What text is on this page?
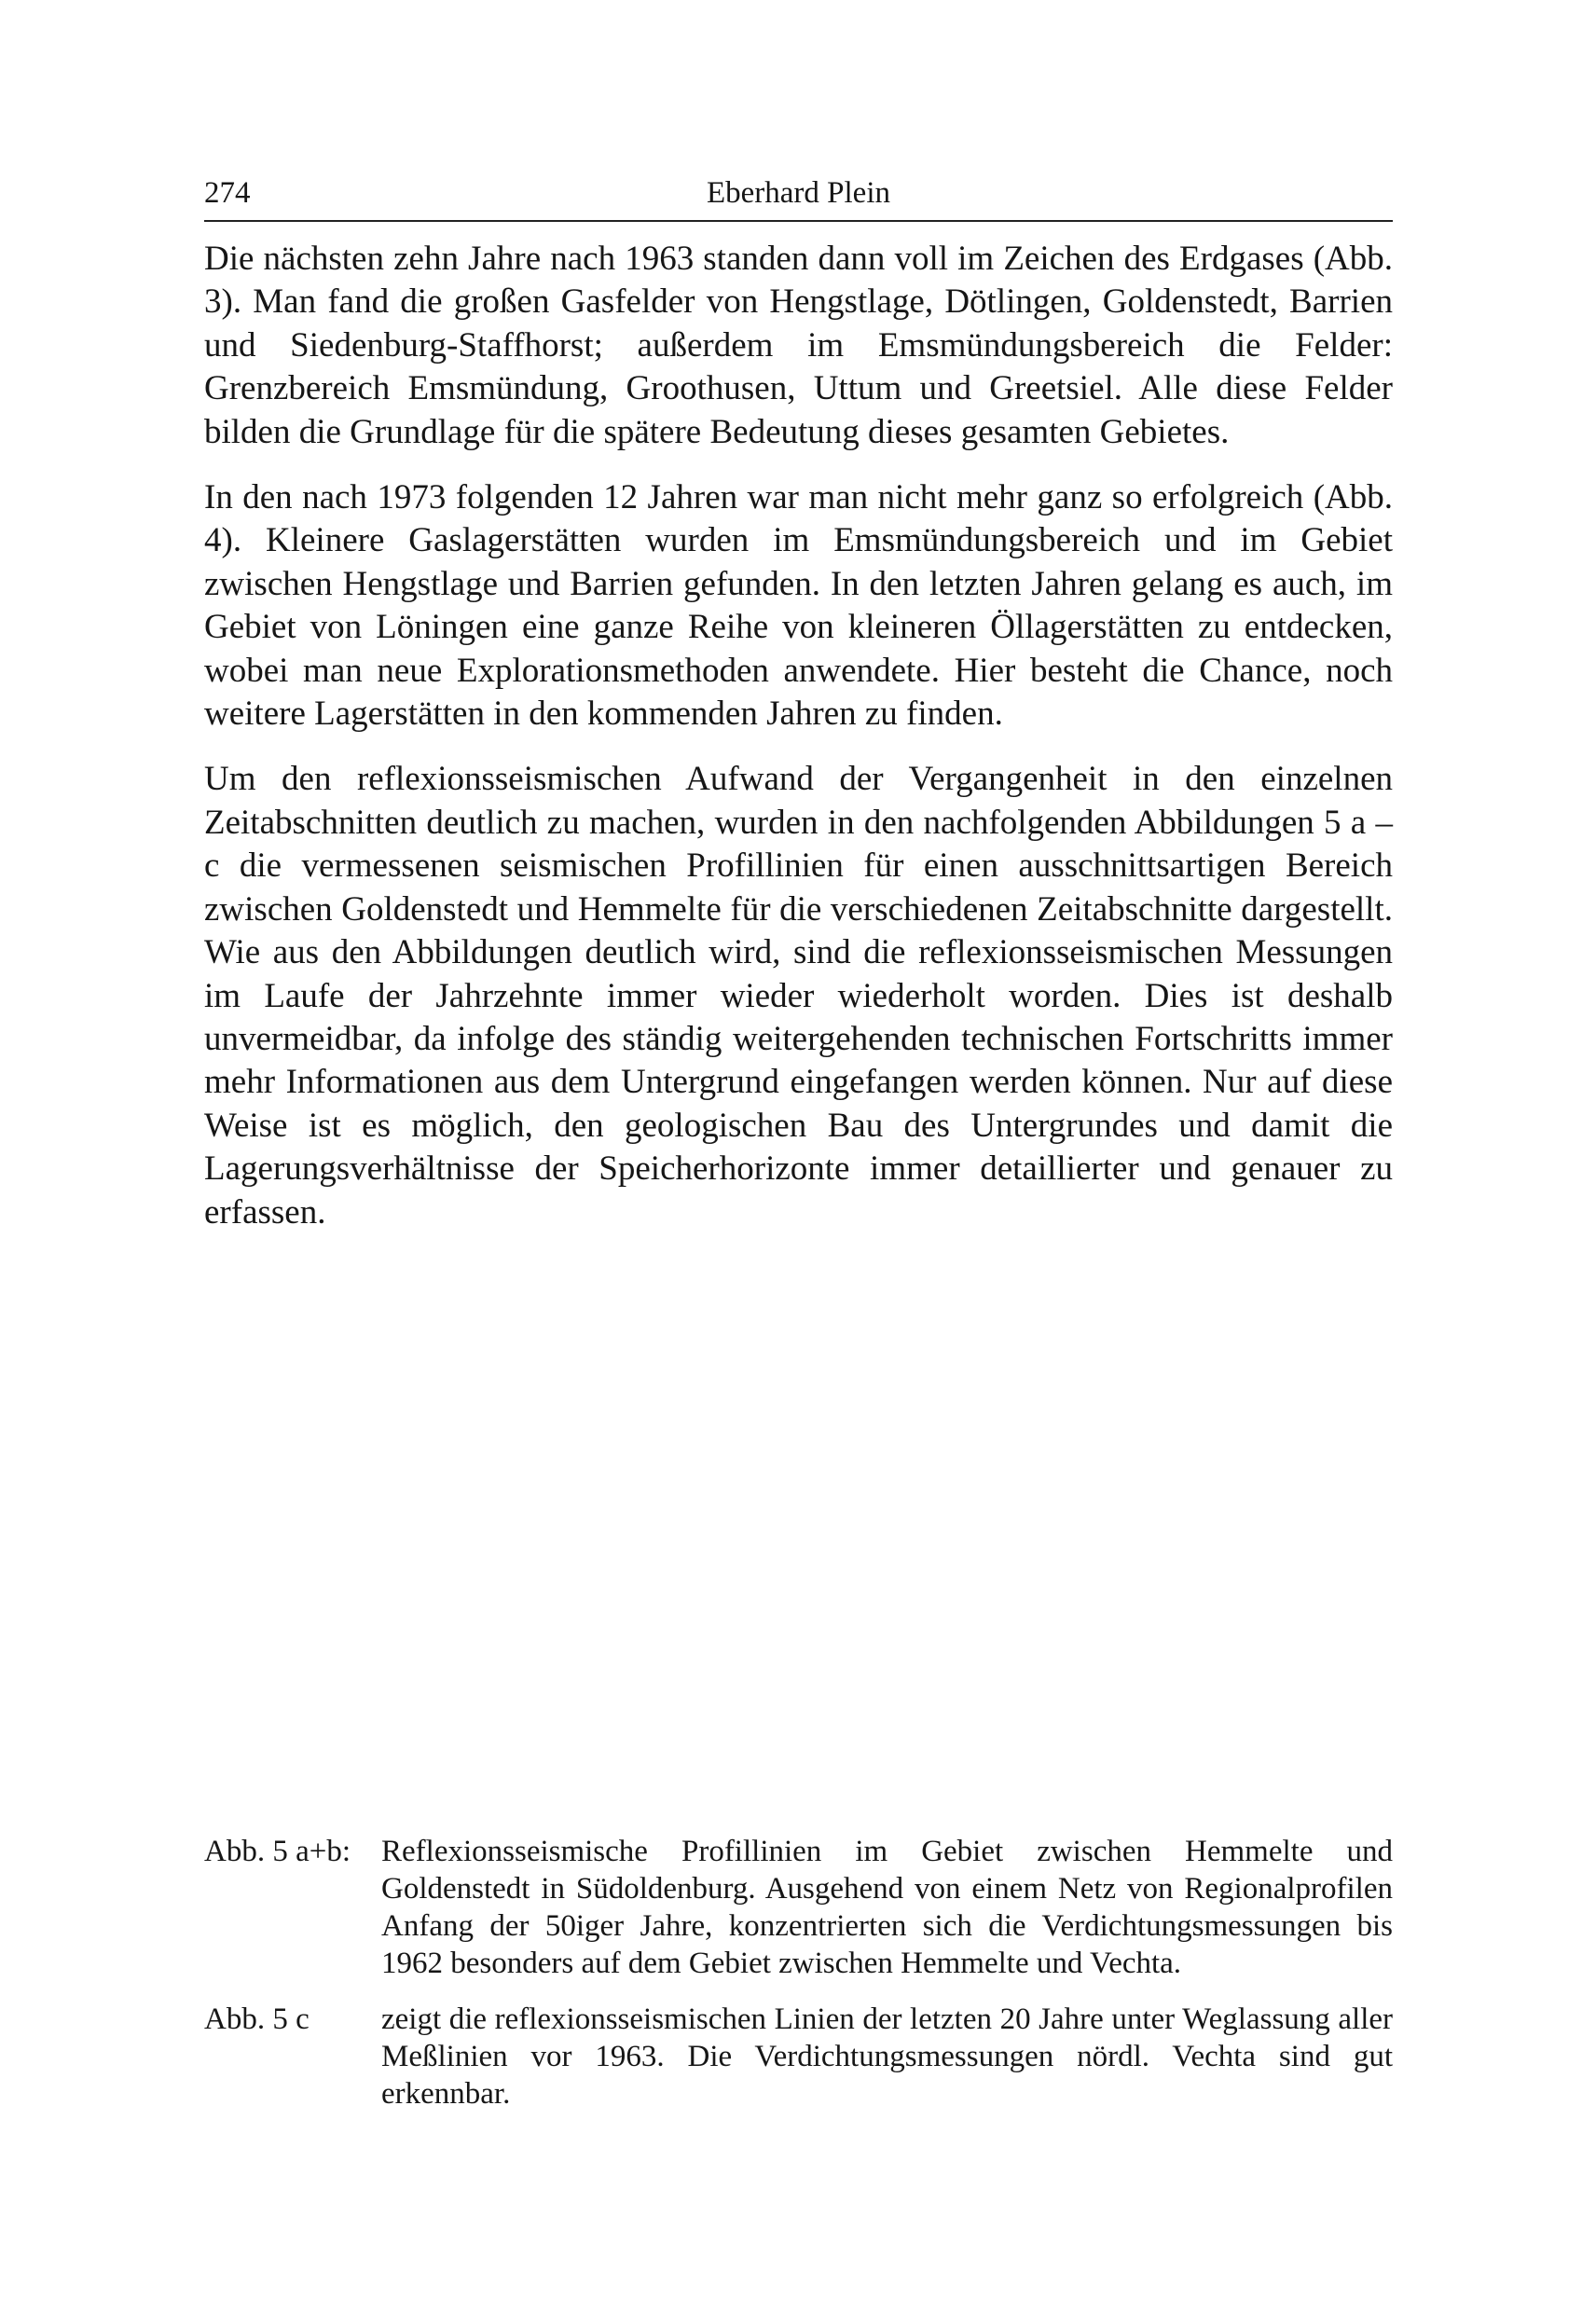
274	Eberhard Plein

Die nächsten zehn Jahre nach 1963 standen dann voll im Zeichen des Erdgases (Abb. 3). Man fand die großen Gasfelder von Hengstlage, Dötlingen, Goldenstedt, Barrien und Siedenburg-Staffhorst; außerdem im Emsmündungsbereich die Felder: Grenzbereich Emsmündung, Groothusen, Uttum und Greetsiel. Alle diese Felder bilden die Grundlage für die spätere Bedeutung dieses gesamten Gebietes.

In den nach 1973 folgenden 12 Jahren war man nicht mehr ganz so erfolgreich (Abb. 4). Kleinere Gaslagerstätten wurden im Emsmündungsbereich und im Gebiet zwischen Hengstlage und Barrien gefunden. In den letzten Jahren gelang es auch, im Gebiet von Löningen eine ganze Reihe von kleineren Öllagerstätten zu entdecken, wobei man neue Explorationsmethoden anwendete. Hier besteht die Chance, noch weitere Lagerstätten in den kommenden Jahren zu finden.

Um den reflexionsseismischen Aufwand der Vergangenheit in den einzelnen Zeitabschnitten deutlich zu machen, wurden in den nachfolgenden Abbildungen 5 a – c die vermessenen seismischen Profillinien für einen ausschnittsartigen Bereich zwischen Goldenstedt und Hemmelte für die verschiedenen Zeitabschnitte dargestellt. Wie aus den Abbildungen deutlich wird, sind die reflexionsseismischen Messungen im Laufe der Jahrzehnte immer wieder wiederholt worden. Dies ist deshalb unvermeidbar, da infolge des ständig weitergehenden technischen Fortschritts immer mehr Informationen aus dem Untergrund eingefangen werden können. Nur auf diese Weise ist es möglich, den geologischen Bau des Untergrundes und damit die Lagerungsverhältnisse der Speicherhorizonte immer detaillierter und genauer zu erfassen.

Abb. 5 a+b: Reflexionsseismische Profillinien im Gebiet zwischen Hemmelte und Goldenstedt in Südoldenburg. Ausgehend von einem Netz von Regionalprofilen Anfang der 50iger Jahre, konzentrierten sich die Verdichtungsmessungen bis 1962 besonders auf dem Gebiet zwischen Hemmelte und Vechta.
Abb. 5 c	zeigt die reflexionsseismischen Linien der letzten 20 Jahre unter Weglassung aller Meßlinien vor 1963. Die Verdichtungsmessungen nördl. Vechta sind gut erkennbar.
